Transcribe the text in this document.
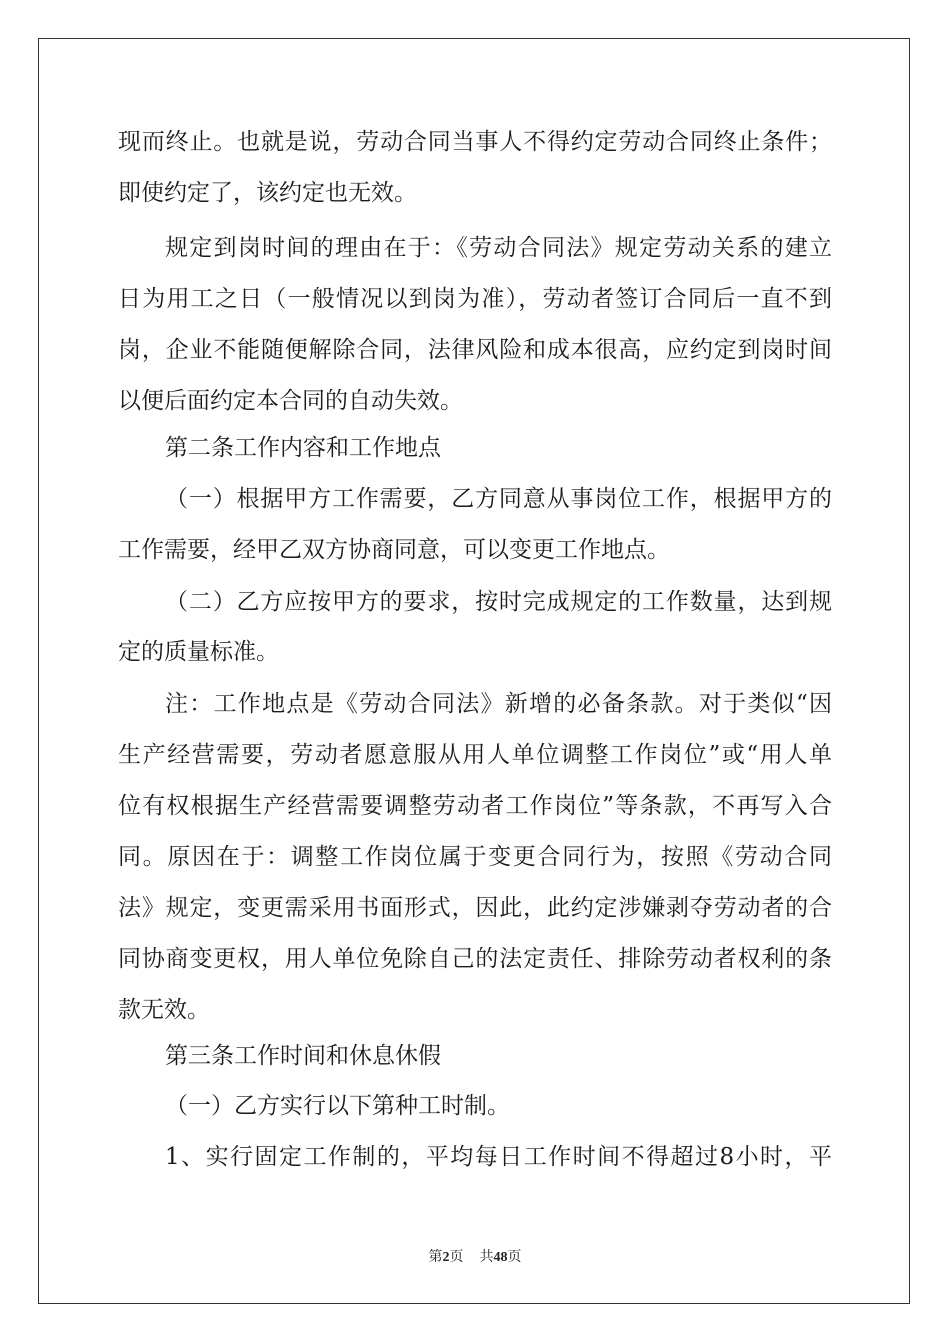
现而终止。也就是说，劳动合同当事人不得约定劳动合同终止条件；
即使约定了，该约定也无效。
规定到岗时间的理由在于：《劳动合同法》规定劳动关系的建立
日为用工之日（一般情况以到岗为准），劳动者签订合同后一直不到
岗，企业不能随便解除合同，法律风险和成本很高，应约定到岗时间
以便后面约定本合同的自动失效。
第二条工作内容和工作地点
（一）根据甲方工作需要，乙方同意从事岗位工作，根据甲方的
工作需要，经甲乙双方协商同意，可以变更工作地点。
（二）乙方应按甲方的要求，按时完成规定的工作数量，达到规
定的质量标准。
注：工作地点是《劳动合同法》新增的必备条款。对于类似“因
生产经营需要，劳动者愿意服从用人单位调整工作岗位”或“用人单
位有权根据生产经营需要调整劳动者工作岗位”等条款，不再写入合
同。原因在于：调整工作岗位属于变更合同行为，按照《劳动合同
法》规定，变更需采用书面形式，因此，此约定涉嫌剥夺劳动者的合
同协商变更权，用人单位免除自己的法定责任、排除劳动者权利的条
款无效。
第三条工作时间和休息休假
（一）乙方实行以下第种工时制。
1、实行固定工作制的，平均每日工作时间不得超过8小时，平
第2页 共48页
